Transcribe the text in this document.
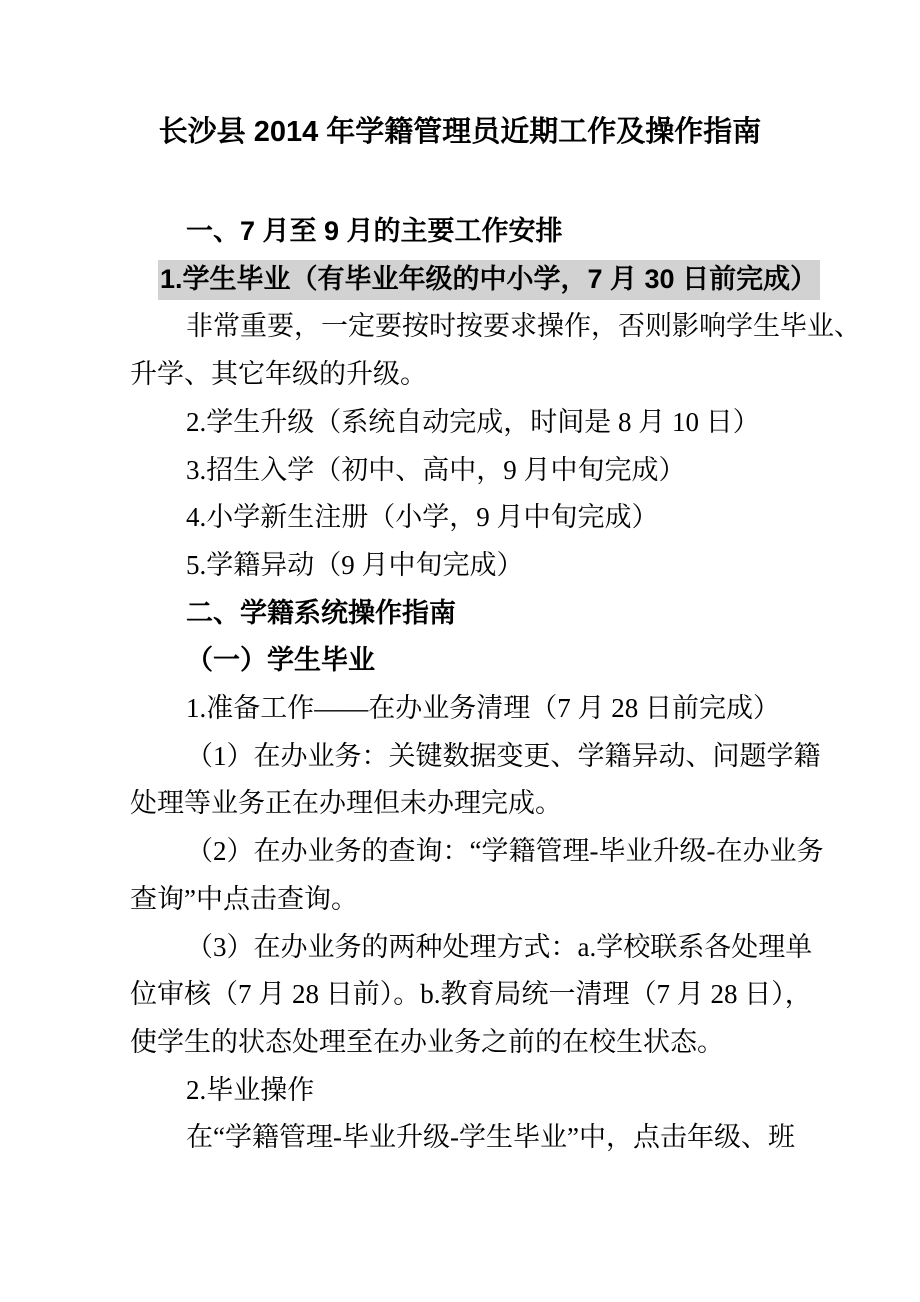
长沙县 2014 年学籍管理员近期工作及操作指南
一、7 月至 9 月的主要工作安排
1.学生毕业（有毕业年级的中小学，7 月 30 日前完成）
非常重要，一定要按时按要求操作，否则影响学生毕业、
升学、其它年级的升级。
2.学生升级（系统自动完成，时间是 8 月 10 日）
3.招生入学（初中、高中，9 月中旬完成）
4.小学新生注册（小学，9 月中旬完成）
5.学籍异动（9 月中旬完成）
二、学籍系统操作指南
（一）学生毕业
1.准备工作——在办业务清理（7 月 28 日前完成）
（1）在办业务：关键数据变更、学籍异动、问题学籍
处理等业务正在办理但未办理完成。
（2）在办业务的查询：“学籍管理-毕业升级-在办业务
查询”中点击查询。
（3）在办业务的两种处理方式：a.学校联系各处理单
位审核（7 月 28 日前）。b.教育局统一清理（7 月 28 日），
使学生的状态处理至在办业务之前的在校生状态。
2.毕业操作
在“学籍管理-毕业升级-学生毕业”中，点击年级、班
